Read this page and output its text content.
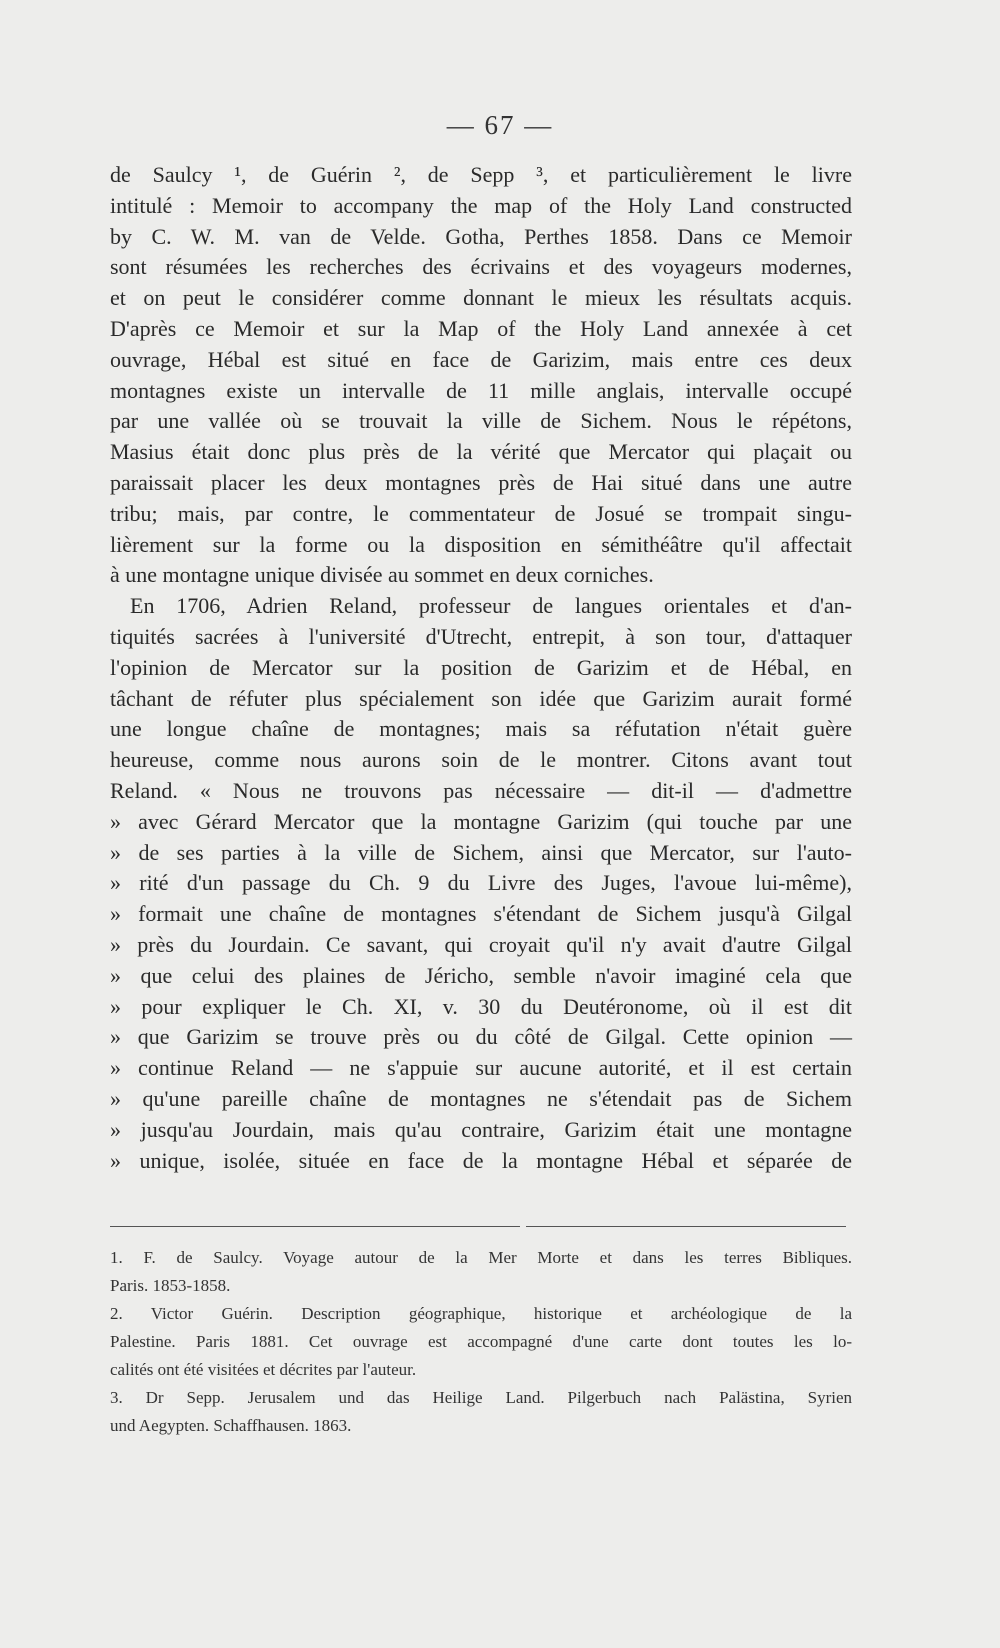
— 67 —
de Saulcy ¹, de Guérin ², de Sepp ³, et particulièrement le livre
intitulé : Memoir to accompany the map of the Holy Land constructed
by C. W. M. van de Velde. Gotha, Perthes 1858. Dans ce Memoir
sont résumées les recherches des écrivains et des voyageurs modernes,
et on peut le considérer comme donnant le mieux les résultats acquis.
D'après ce Memoir et sur la Map of the Holy Land annexée à cet
ouvrage, Hébal est situé en face de Garizim, mais entre ces deux
montagnes existe un intervalle de 11 mille anglais, intervalle occupé
par une vallée où se trouvait la ville de Sichem. Nous le répétons,
Masius était donc plus près de la vérité que Mercator qui plaçait ou
paraissait placer les deux montagnes près de Hai situé dans une autre
tribu; mais, par contre, le commentateur de Josué se trompait singu-
lièrement sur la forme ou la disposition en sémithéâtre qu'il affectait
à une montagne unique divisée au sommet en deux corniches.
En 1706, Adrien Reland, professeur de langues orientales et d'an-
tiquités sacrées à l'université d'Utrecht, entrepit, à son tour, d'attaquer
l'opinion de Mercator sur la position de Garizim et de Hébal, en
tâchant de réfuter plus spécialement son idée que Garizim aurait formé
une longue chaîne de montagnes; mais sa réfutation n'était guère
heureuse, comme nous aurons soin de le montrer. Citons avant tout
Reland. « Nous ne trouvons pas nécessaire — dit-il — d'admettre
» avec Gérard Mercator que la montagne Garizim (qui touche par une
» de ses parties à la ville de Sichem, ainsi que Mercator, sur l'auto-
» rité d'un passage du Ch. 9 du Livre des Juges, l'avoue lui-même),
» formait une chaîne de montagnes s'étendant de Sichem jusqu'à Gilgal
» près du Jourdain. Ce savant, qui croyait qu'il n'y avait d'autre Gilgal
» que celui des plaines de Jéricho, semble n'avoir imaginé cela que
» pour expliquer le Ch. XI, v. 30 du Deutéronome, où il est dit
» que Garizim se trouve près ou du côté de Gilgal. Cette opinion —
» continue Reland — ne s'appuie sur aucune autorité, et il est certain
» qu'une pareille chaîne de montagnes ne s'étendait pas de Sichem
» jusqu'au Jourdain, mais qu'au contraire, Garizim était une montagne
» unique, isolée, située en face de la montagne Hébal et séparée de
1. F. de Saulcy. Voyage autour de la Mer Morte et dans les terres Bibliques.
Paris. 1853-1858.
2. Victor Guérin. Description géographique, historique et archéologique de la
Palestine. Paris 1881. Cet ouvrage est accompagné d'une carte dont toutes les lo-
calités ont été visitées et décrites par l'auteur.
3. Dr Sepp. Jerusalem und das Heilige Land. Pilgerbuch nach Palästina, Syrien
und Aegypten. Schaffhausen. 1863.
